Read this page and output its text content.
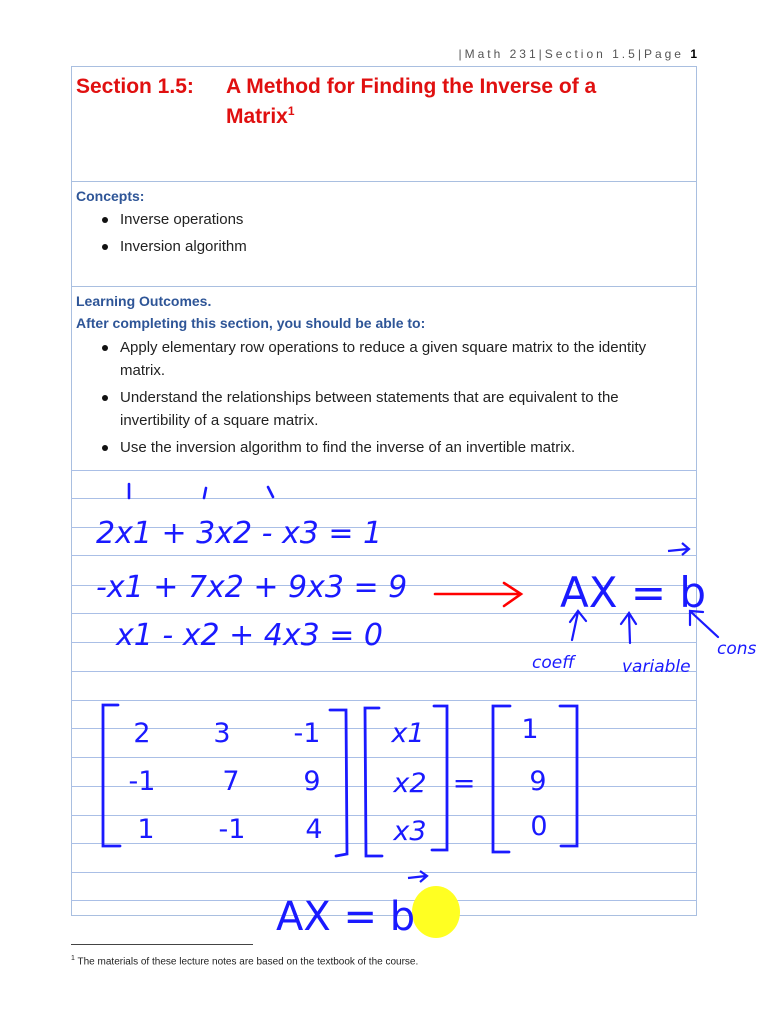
|Math 231|Section 1.5|Page 1
Section 1.5: A Method for Finding the Inverse of a Matrix$^1$
Concepts:
Inverse operations
Inversion algorithm
Learning Outcomes.
After completing this section, you should be able to:
Apply elementary row operations to reduce a given square matrix to the identity matrix.
Understand the relationships between statements that are equivalent to the invertibility of a square matrix.
Use the inversion algorithm to find the inverse of an invertible matrix.
2x1 + 3x2 - x3 = 1
-x1 + 7x2 + 9x3 = 9
x1 - x2 + 4x3 = 0
AX = b
coeff	variable
cons
2 3 -1
-1 7 9
1 -1 4
x1
x2
x3
=
1
9
0
AX = b
$^1$ The materials of these lecture notes are based on the textbook of the course.
